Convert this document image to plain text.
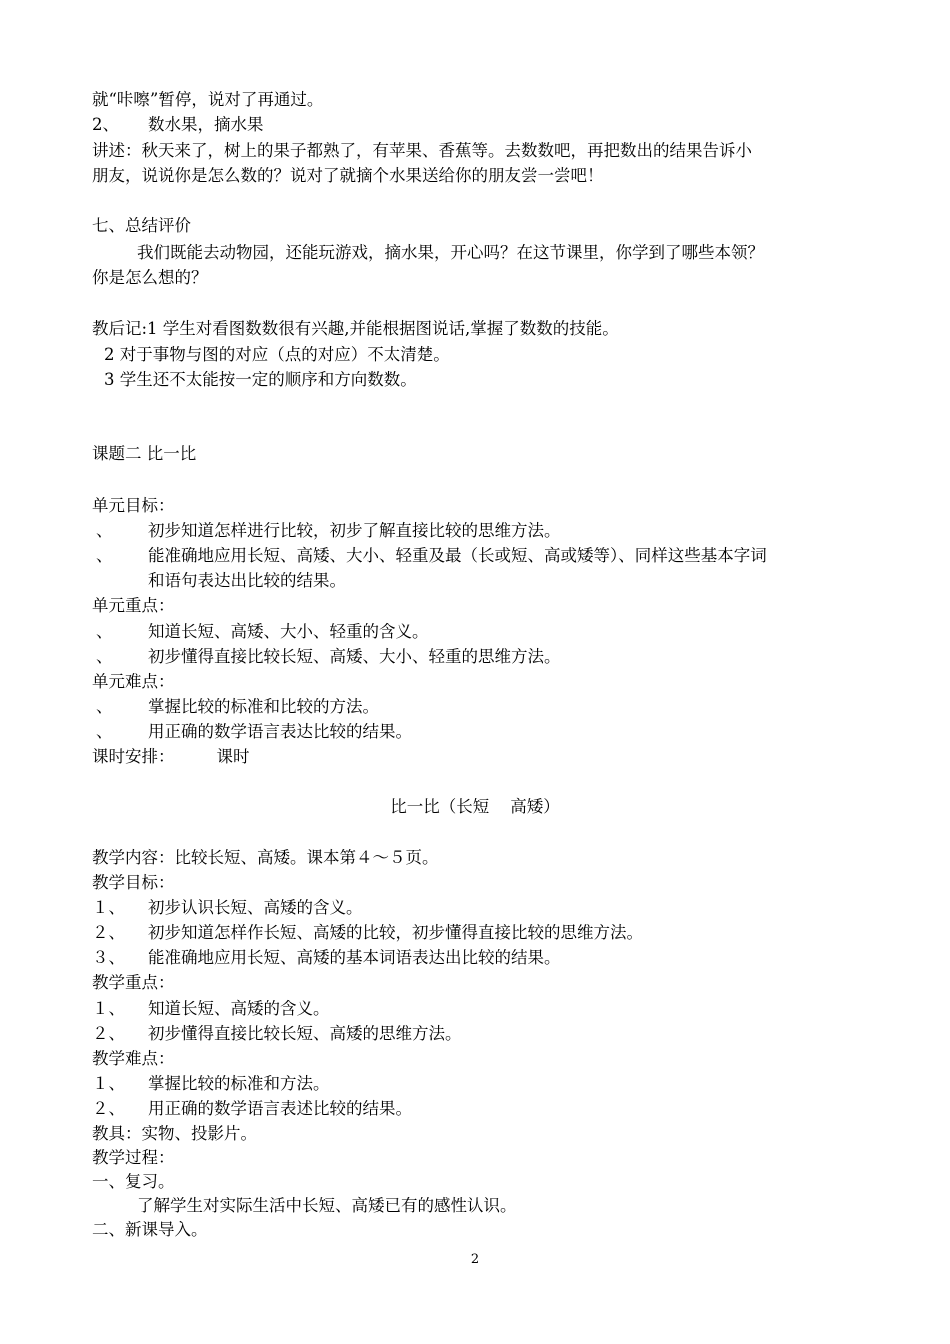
就“咔嚓”暂停，说对了再通过。
2、 数水果，摘水果
讲述：秋天来了，树上的果子都熟了，有苹果、香蕉等。去数数吧，再把数出的结果告诉小
朋友，说说你是怎么数的？说对了就摘个水果送给你的朋友尝一尝吧！
七、总结评价
我们既能去动物园，还能玩游戏，摘水果，开心吗？在这节课里，你学到了哪些本领？
你是怎么想的？
教后记:1 学生对看图数数很有兴趣,并能根据图说话,掌握了数数的技能。
2 对于事物与图的对应（点的对应）不太清楚。
3 学生还不太能按一定的顺序和方向数数。
课题二 比一比
单元目标：
、 初步知道怎样进行比较，初步了解直接比较的思维方法。
、 能准确地应用长短、高矮、大小、轻重及最（长或短、高或矮等）、同样这些基本字词
和语句表达出比较的结果。
单元重点：
、 知道长短、高矮、大小、轻重的含义。
、 初步懂得直接比较长短、高矮、大小、轻重的思维方法。
单元难点：
、 掌握比较的标准和比较的方法。
、 用正确的数学语言表达比较的结果。
课时安排：        课时
比一比（长短    高矮）
教学内容：比较长短、高矮。课本第４～５页。
教学目标：
１、 初步认识长短、高矮的含义。
２、 初步知道怎样作长短、高矮的比较，初步懂得直接比较的思维方法。
３、 能准确地应用长短、高矮的基本词语表达出比较的结果。
教学重点：
１、 知道长短、高矮的含义。
２、 初步懂得直接比较长短、高矮的思维方法。
教学难点：
１、 掌握比较的标准和方法。
２、 用正确的数学语言表述比较的结果。
教具：实物、投影片。
教学过程：
一、复习。
了解学生对实际生活中长短、高矮已有的感性认识。
二、新课导入。
2
